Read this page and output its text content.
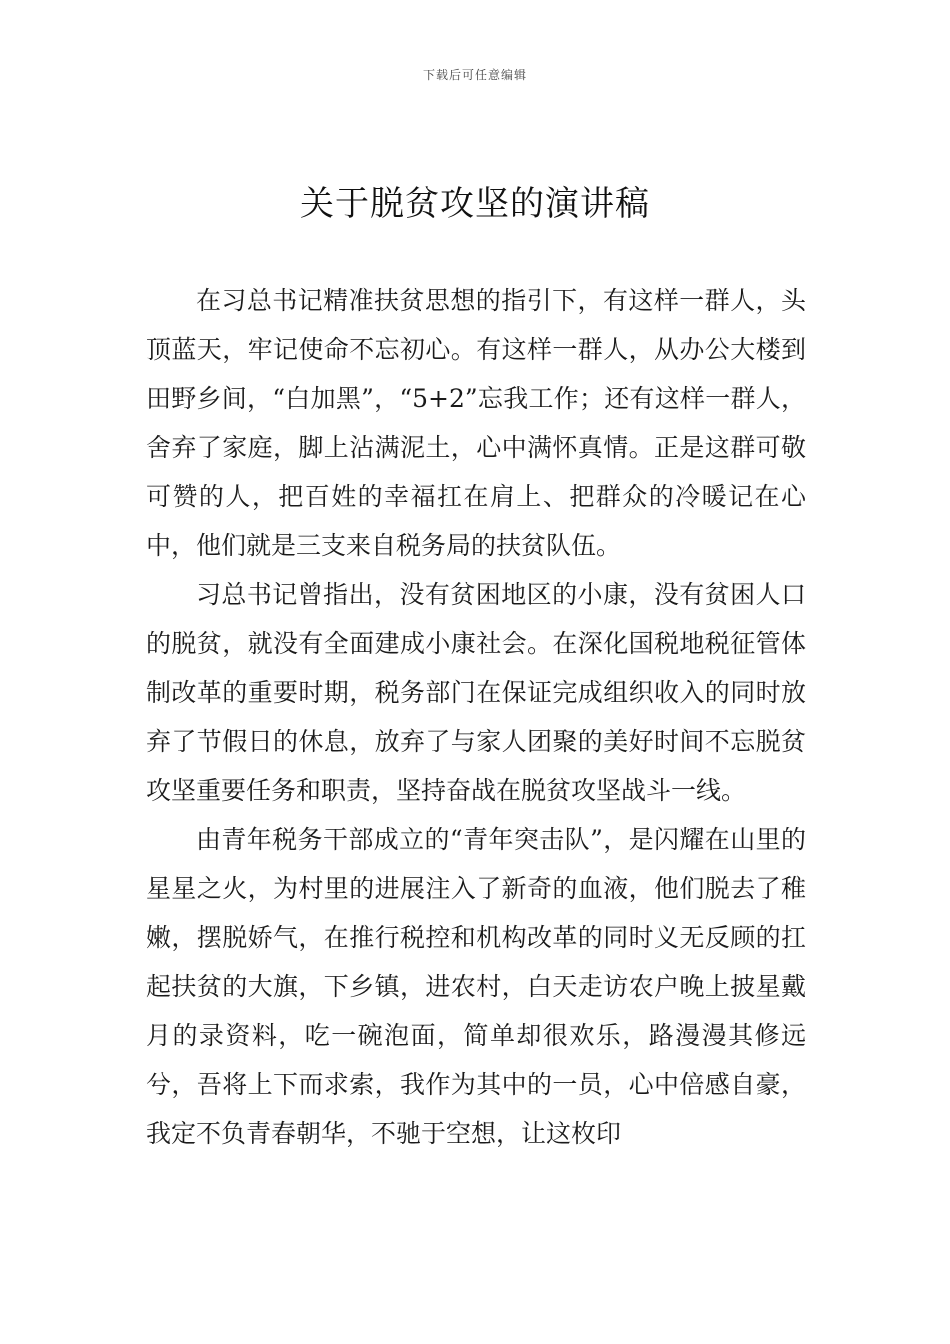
下载后可任意编辑
关于脱贫攻坚的演讲稿

在习总书记精准扶贫思想的指引下，有这样一群人，头顶蓝天，牢记使命不忘初心。有这样一群人，从办公大楼到田野乡间，“白加黑”，“5+2”忘我工作；还有这样一群人，舍弃了家庭，脚上沾满泥土，心中满怀真情。正是这群可敬可赞的人，把百姓的幸福扛在肩上、把群众的冷暖记在心中，他们就是三支来自税务局的扶贫队伍。

习总书记曾指出，没有贫困地区的小康，没有贫困人口的脱贫，就没有全面建成小康社会。在深化国税地税征管体制改革的重要时期，税务部门在保证完成组织收入的同时放弃了节假日的休息，放弃了与家人团聚的美好时间不忘脱贫攻坚重要任务和职责，坚持奋战在脱贫攻坚战斗一线。

由青年税务干部成立的“青年突击队”，是闪耀在山里的星星之火，为村里的进展注入了新奇的血液，他们脱去了稚嫩，摆脱娇气，在推行税控和机构改革的同时义无反顾的扛起扶贫的大旗，下乡镇，进农村，白天走访农户晚上披星戴月的录资料，吃一碗泡面，简单却很欢乐，路漫漫其修远兮，吾将上下而求索，我作为其中的一员，心中倍感自豪，我定不负青春朝华，不驰于空想，让这枚印
